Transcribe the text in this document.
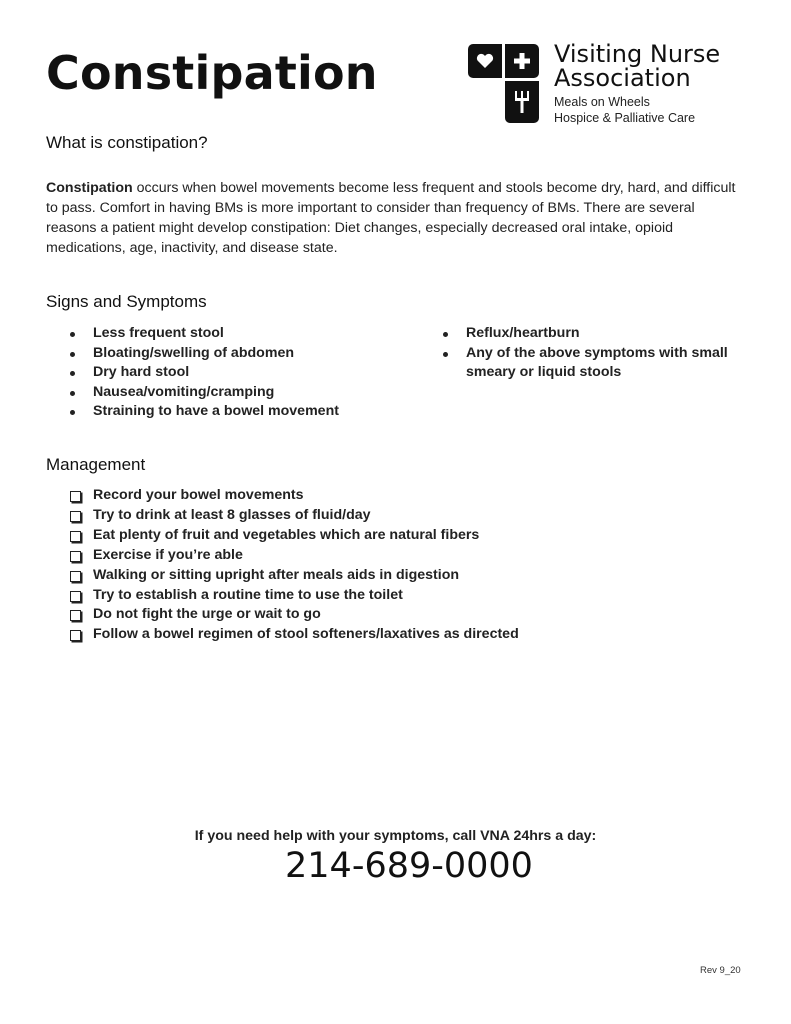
Constipation	Visiting Nurse
Association
Meals on Wheels
Hospice & Palliative Care
What is constipation?

Constipation occurs when bowel movements become less frequent and stools become dry, hard, and difficult to pass. Comfort in having BMs is more important to consider than frequency of BMs. There are several reasons a patient might develop constipation: Diet changes, especially decreased oral intake, opioid medications, age, inactivity, and disease state.

Signs and Symptoms
Less frequent stool
Bloating/swelling of abdomen
Dry hard stool
Nausea/vomiting/cramping
Straining to have a bowel movement
Reflux/heartburn
Any of the above symptoms with small smeary or liquid stools
Management
Record your bowel movements
Try to drink at least 8 glasses of fluid/day
Eat plenty of fruit and vegetables which are natural fibers
Exercise if you’re able
Walking or sitting upright after meals aids in digestion
Try to establish a routine time to use the toilet
Do not fight the urge or wait to go
Follow a bowel regimen of stool softeners/laxatives as directed
If you need help with your symptoms, call VNA 24hrs a day:
214-689-0000
Rev 9_20
